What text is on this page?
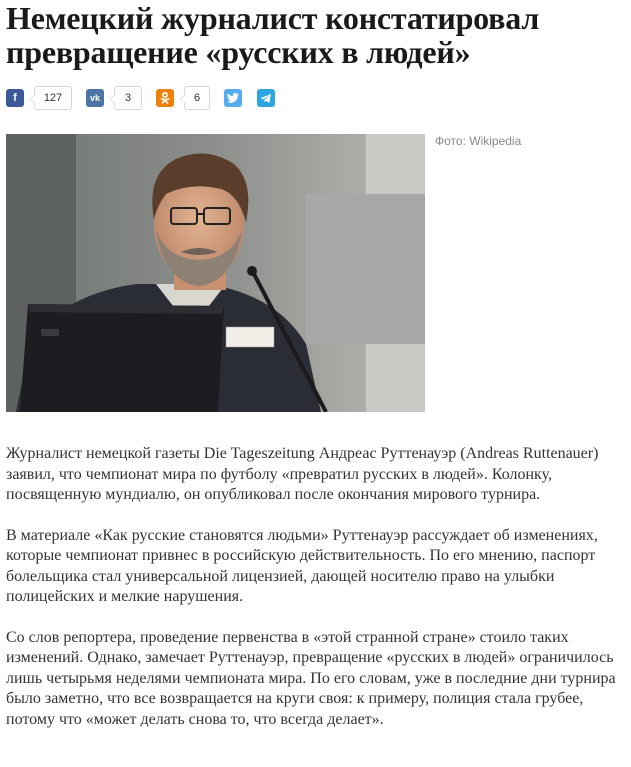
Немецкий журналист констатировал превращение «русских в людей»
f	127	vk	3	6
Фото: Wikipedia

Журналист немецкой газеты Die Tageszeitung Андреас Руттенауэр (Andreas Ruttenauer) заявил, что чемпионат мира по футболу «превратил русских в людей». Колонку, посвященную мундиалю, он опубликовал после окончания мирового турнира.

В материале «Как русские становятся людьми» Руттенауэр рассуждает об изменениях, которые чемпионат привнес в российскую действительность. По его мнению, паспорт болельщика стал универсальной лицензией, дающей носителю право на улыбки полицейских и мелкие нарушения.

Со слов репортера, проведение первенства в «этой странной стране» стоило таких изменений. Однако, замечает Руттенауэр, превращение «русских в людей» ограничилось лишь четырьмя неделями чемпионата мира. По его словам, уже в последние дни турнира было заметно, что все возвращается на круги своя: к примеру, полиция стала грубее, потому что «может делать снова то, что всегда делает».
